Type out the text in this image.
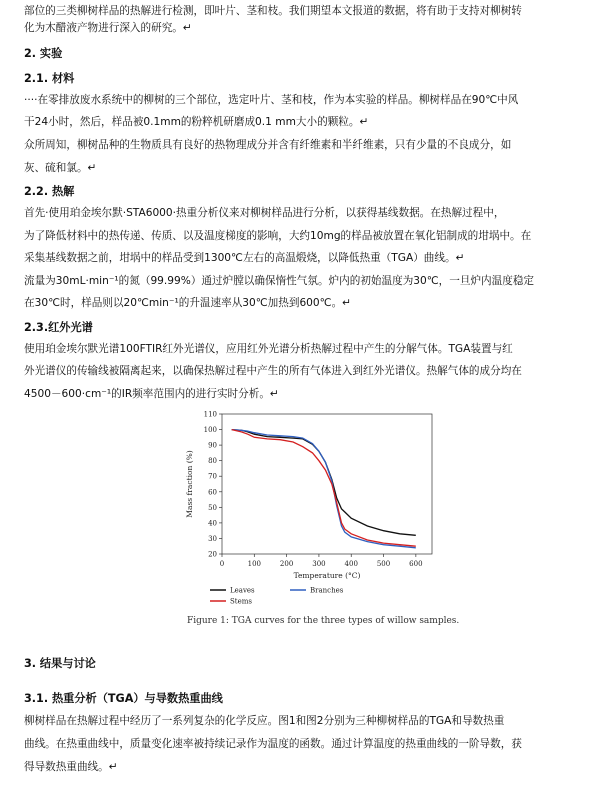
部位的三类柳树样品的热解进行检测，即叶片、茎和枝。我们期望本文报道的数据，将有助于支持对柳树转
化为木醋液产物进行深入的研究。↵
2. 实验
2.1. 材料
····在零排放废水系统中的柳树的三个部位，选定叶片、茎和枝，作为本实验的样品。柳树样品在90℃中风
干24小时，然后，样品被0.1mm的粉粹机研磨成0.1 mm大小的颗粒。↵
众所周知，柳树品种的生物质具有良好的热物理成分并含有纤维素和半纤维素，只有少量的不良成分，如
灰、硫和氯。↵
2.2. 热解
首先·使用珀金埃尔默·STA6000·热重分析仪来对柳树样品进行分析，以获得基线数据。在热解过程中，
为了降低材料中的热传递、传质、以及温度梯度的影响，大约10mg的样品被放置在氧化铝制成的坩埚中。在
采集基线数据之前，坩埚中的样品受到1300℃左右的高温煅烧，以降低热重（TGA）曲线。↵
流量为30mL·min⁻¹的氮（99.99%）通过炉膛以确保惰性气氛。炉内的初始温度为30℃，一旦炉内温度稳定
在30℃时，样品则以20℃min⁻¹的升温速率从30℃加热到600℃。↵
2.3.红外光谱
使用珀金埃尔默光谱100FTIR红外光谱仪，应用红外光谱分析热解过程中产生的分解气体。TGA装置与红
外光谱仪的传输线被隔离起来，以确保热解过程中产生的所有气体进入到红外光谱仪。热解气体的成分均在
4500－600·cm⁻¹的IR频率范围内的进行实时分析。↵
0	100	200	300	400	500	600
20
30
40
50
60
70
80
90
100
110
Temperature (°C)
Mass fraction (%)
Leaves
Stems
Branches
Figure 1: TGA curves for the three types of willow samples.
3. 结果与讨论
3.1. 热重分析（TGA）与导数热重曲线
柳树样品在热解过程中经历了一系列复杂的化学反应。图1和图2分别为三种柳树样品的TGA和导数热重
曲线。在热重曲线中，质量变化速率被持续记录作为温度的函数。通过计算温度的热重曲线的一阶导数，获
得导数热重曲线。↵
